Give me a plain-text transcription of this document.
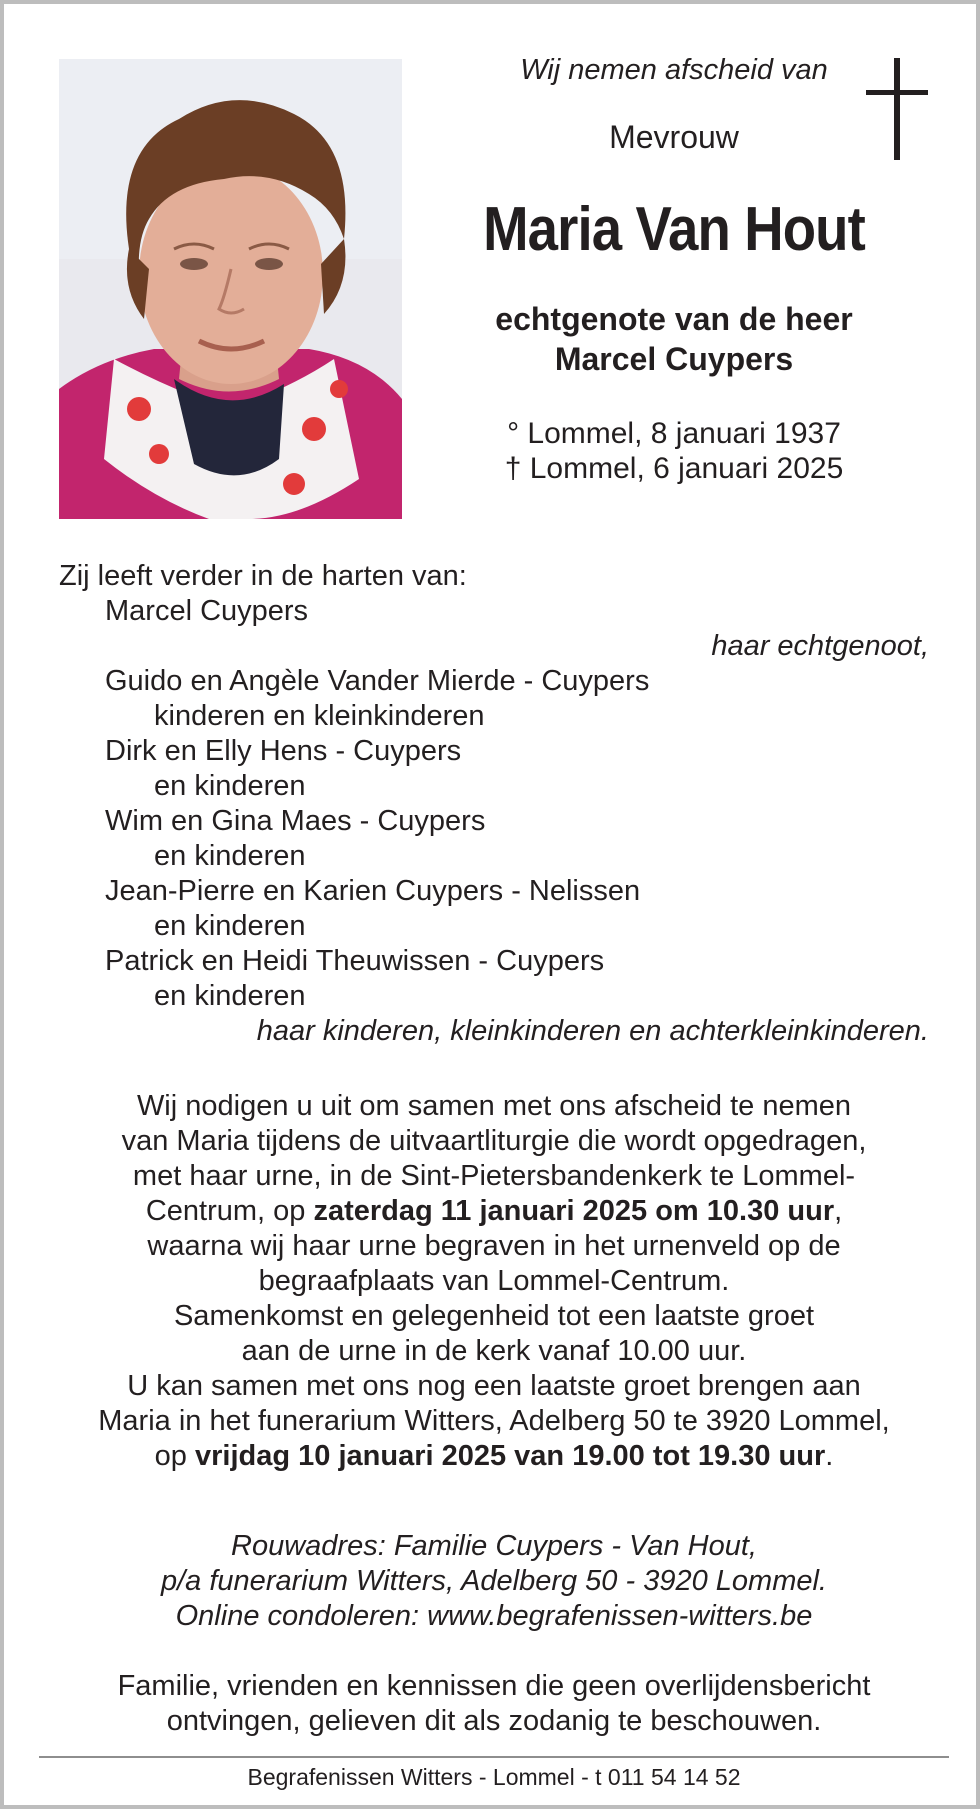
Wij nemen afscheid van
Mevrouw
Maria Van Hout
echtgenote van de heer
Marcel Cuypers
° Lommel, 8 januari 1937
† Lommel, 6 januari 2025
Zij leeft verder in de harten van:
Marcel Cuypers
haar echtgenoot,
Guido en Angèle Vander Mierde - Cuypers
kinderen en kleinkinderen
Dirk en Elly Hens - Cuypers
en kinderen
Wim en Gina Maes - Cuypers
en kinderen
Jean-Pierre en Karien Cuypers - Nelissen
en kinderen
Patrick en Heidi Theuwissen - Cuypers
en kinderen
haar kinderen, kleinkinderen en achterkleinkinderen.
Wij nodigen u uit om samen met ons afscheid te nemen
van Maria tijdens de uitvaartliturgie die wordt opgedragen,
met haar urne, in de Sint-Pietersbandenkerk te Lommel-
Centrum, op zaterdag 11 januari 2025 om 10.30 uur,
waarna wij haar urne begraven in het urnenveld op de
begraafplaats van Lommel-Centrum.
Samenkomst en gelegenheid tot een laatste groet
aan de urne in de kerk vanaf 10.00 uur.
U kan samen met ons nog een laatste groet brengen aan
Maria in het funerarium Witters, Adelberg 50 te 3920 Lommel,
op vrijdag 10 januari 2025 van 19.00 tot 19.30 uur.
Rouwadres: Familie Cuypers - Van Hout,
p/a funerarium Witters, Adelberg 50 - 3920 Lommel.
Online condoleren: www.begrafenissen-witters.be
Familie, vrienden en kennissen die geen overlijdensbericht
ontvingen, gelieven dit als zodanig te beschouwen.
Begrafenissen Witters - Lommel - t 011 54 14 52
